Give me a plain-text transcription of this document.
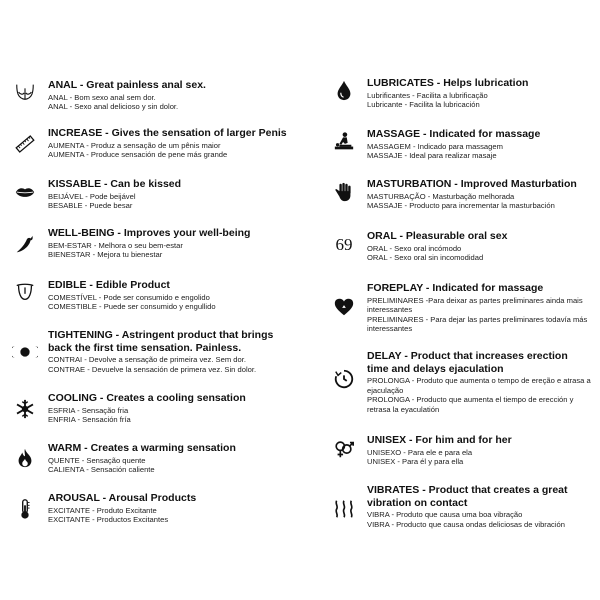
ANAL - Great painless anal sex.
ANAL - Bom sexo anal sem dor.
ANAL - Sexo anal delicioso y sin dolor.
INCREASE - Gives the sensation of larger Penis
AUMENTA - Produz a sensação de um pênis maior
AUMENTA - Produce sensación de pene más grande
KISSABLE - Can be kissed
BEIJÁVEL - Pode beijável
BESABLE - Puede besar
WELL-BEING - Improves your well-being
BEM-ESTAR - Melhora o seu bem-estar
BIENESTAR - Mejora tu bienestar
EDIBLE - Edible Product
COMESTÍVEL - Pode ser consumido e engolido
COMESTIBLE - Puede ser consumido y engullido
TIGHTENING - Astringent product that brings back the first time sensation. Painless.
CONTRAI - Devolve a sensação de primeira vez. Sem dor.
CONTRAE - Devuelve la sensación de primera vez. Sin dolor.
COOLING - Creates a cooling sensation
ESFRIA - Sensação fria
ENFRIA - Sensación fría
WARM - Creates a warming sensation
QUENTE - Sensação quente
CALIENTA - Sensación caliente
AROUSAL - Arousal Products
EXCITANTE - Produto Excitante
EXCITANTE - Productos Excitantes
LUBRICATES - Helps lubrication
Lubrificantes - Facilita a lubrificação
Lubricante - Facilita la lubricación
MASSAGE - Indicated for massage
MASSAGEM - Indicado para massagem
MASSAJE - Ideal para realizar masaje
MASTURBATION - Improved Masturbation
MASTURBAÇÃO - Masturbação melhorada
MASSAJE - Producto para incrementar la masturbación
69 ORAL - Pleasurable oral sex
ORAL - Sexo oral incómodo
ORAL - Sexo oral sin incomodidad
FOREPLAY - Indicated for massage
PRELIMINARES -Para deixar as partes preliminares ainda mais interessantes
PRELIMINARES - Para dejar las partes preliminares todavía más interessantes
DELAY - Product that increases erection time and delays ejaculation
PROLONGA - Produto que aumenta o tempo de ereção e atrasa a ejaculação
PROLONGA - Producto que aumenta el tiempo de erección y retrasa la eyaculatión
UNISEX - For him and for her
UNISEXO - Para ele e para ela
UNISEX - Para él y para ella
VIBRATES - Product that creates a great vibration on contact
VIBRA - Produto que causa uma boa vibração
VIBRA - Producto que causa ondas deliciosas de vibración
